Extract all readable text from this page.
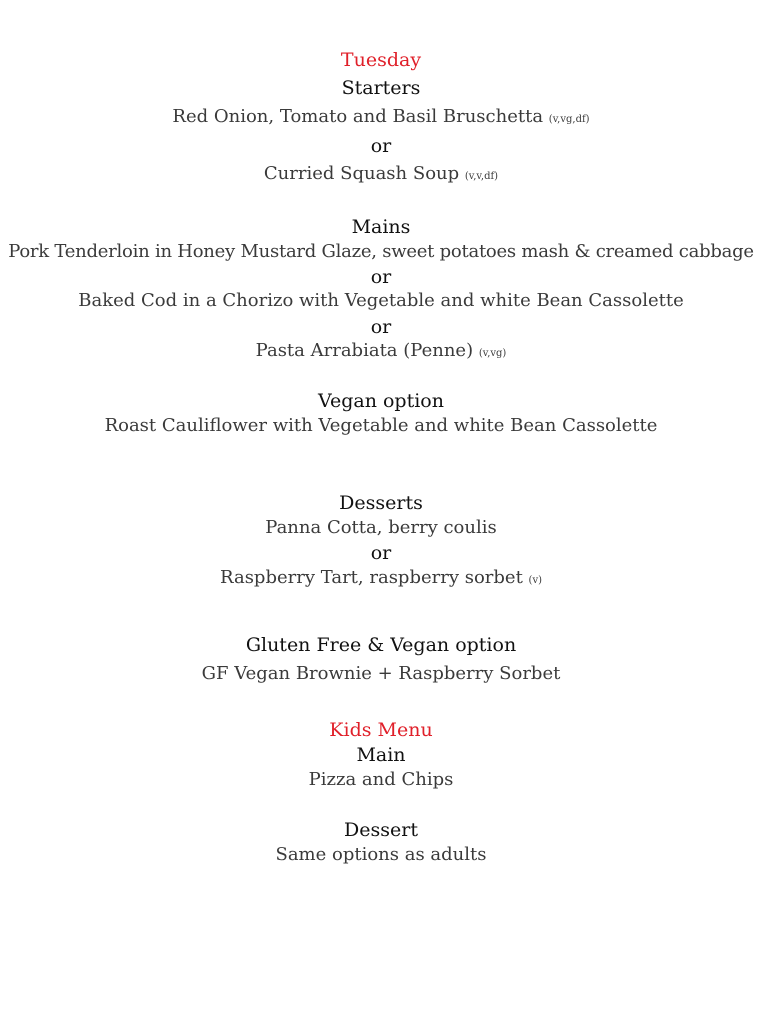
Tuesday
Starters
Red Onion, Tomato and Basil Bruschetta (v,vg,df)
or
Curried Squash Soup (v,v,df)
Mains
Pork Tenderloin in Honey Mustard Glaze, sweet potatoes mash & creamed cabbage
or
Baked Cod in a Chorizo with Vegetable and white Bean Cassolette
or
Pasta Arrabiata (Penne) (v,vg)
Vegan option
Roast Cauliflower with Vegetable and white Bean Cassolette
Desserts
Panna Cotta, berry coulis
or
Raspberry Tart, raspberry sorbet (v)
Gluten Free & Vegan option
GF Vegan Brownie + Raspberry Sorbet
Kids Menu
Main
Pizza and Chips
Dessert
Same options as adults
